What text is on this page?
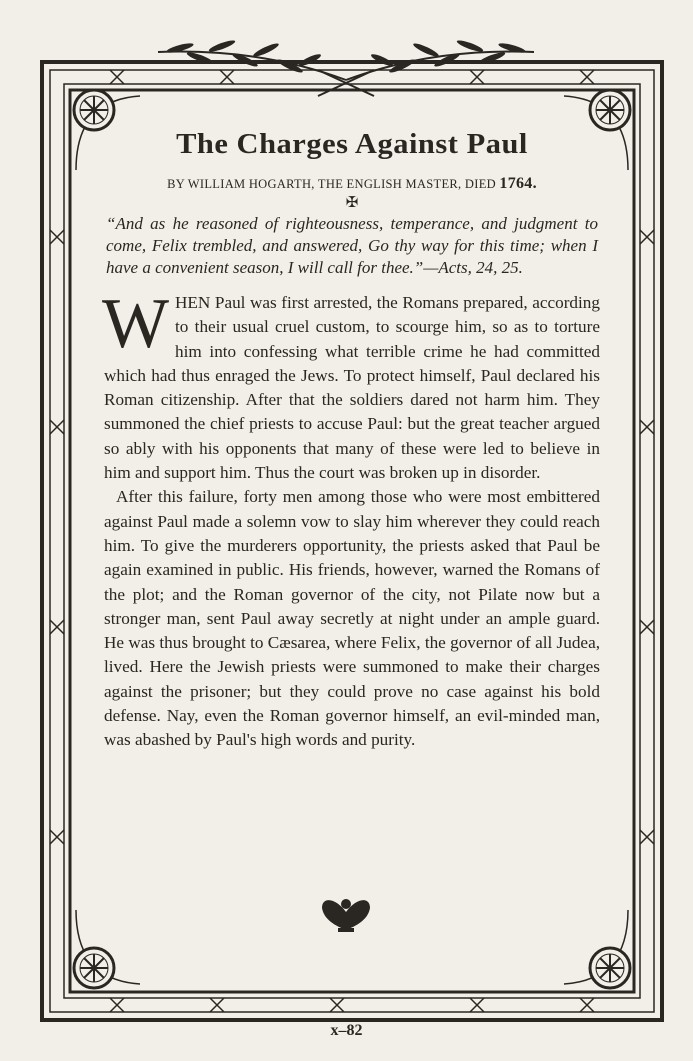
The Charges Against Paul
BY WILLIAM HOGARTH, THE ENGLISH MASTER, DIED 1764.
✠
“And as he reasoned of righteousness, temperance, and judgment to come, Felix trembled, and answered, Go thy way for this time; when I have a convenient season, I will call for thee.”—Acts, 24, 25.
WHEN Paul was first arrested, the Romans prepared, according to their usual cruel custom, to scourge him, so as to torture him into confessing what terrible crime he had committed which had thus enraged the Jews. To protect himself, Paul declared his Roman citizenship. After that the soldiers dared not harm him. They summoned the chief priests to accuse Paul: but the great teacher argued so ably with his opponents that many of these were led to believe in him and support him. Thus the court was broken up in disorder.
After this failure, forty men among those who were most embittered against Paul made a solemn vow to slay him wherever they could reach him. To give the murderers opportunity, the priests asked that Paul be again examined in public. His friends, however, warned the Romans of the plot; and the Roman governor of the city, not Pilate now but a stronger man, sent Paul away secretly at night under an ample guard. He was thus brought to Cæsarea, where Felix, the governor of all Judea, lived. Here the Jewish priests were summoned to make their charges against the prisoner; but they could prove no case against his bold defense. Nay, even the Roman governor himself, an evil-minded man, was abashed by Paul's high words and purity.
x–82
